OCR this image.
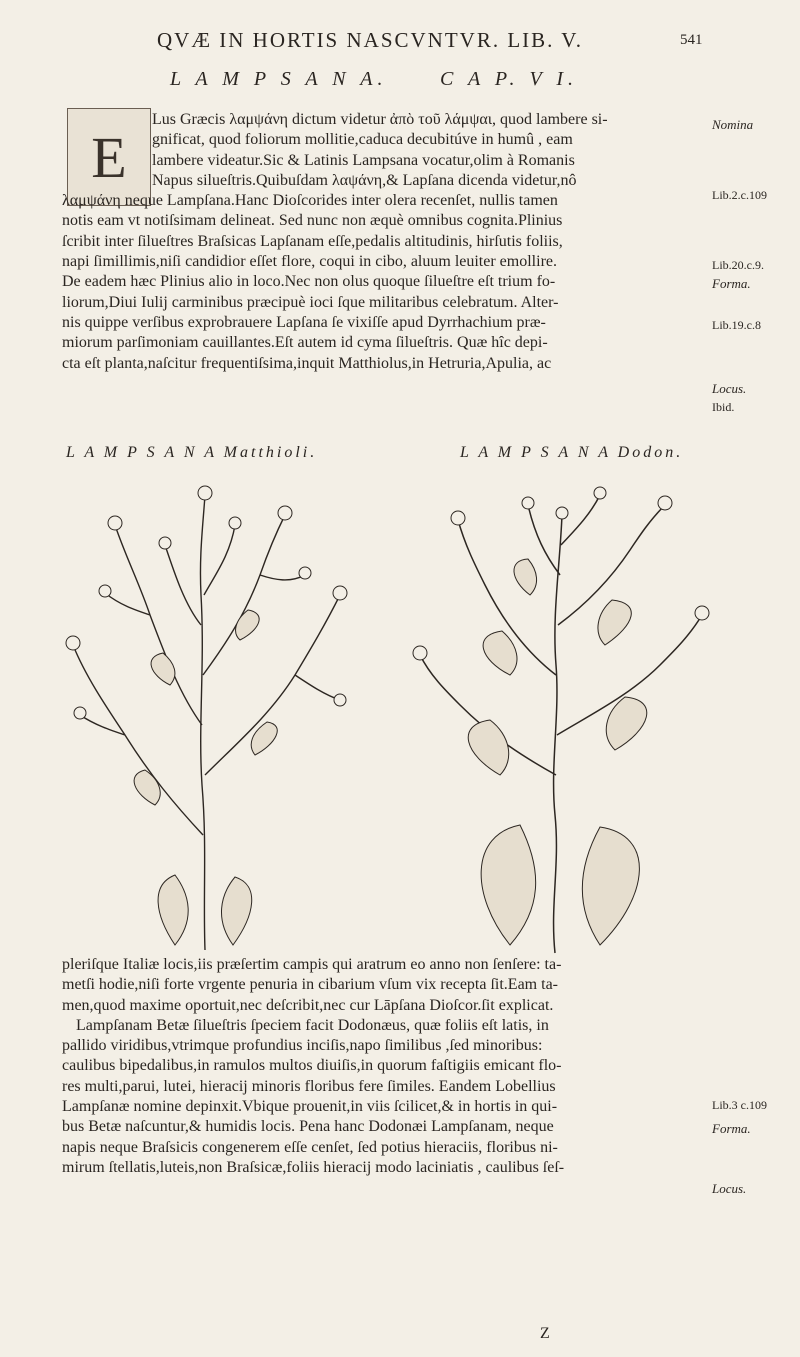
QVÆ IN HORTIS NASCVNTVR. LIB. V.	541
L A M P S A N A.	C A P. V I.
E
Lus Græcis λαμψάνη dictum videtur ἀπὸ τοῦ λάμψαι, quod lambere si-
gnificat, quod foliorum mollitie,caduca decubitúve in humû , eam
lambere videatur.Sic & Latinis Lampsana vocatur,olim à Romanis
Napus silueſtris.Quibuſdam λαψάνη,& Lapſana dicenda videtur,nô
λαμψάνη neque Lampſana.Hanc Dioſcorides inter olera recenſet, nullis tamen
notis eam vt notiſsimam delineat. Sed nunc non æquè omnibus cognita.Plinius
ſcribit inter ſilueſtres Braſsicas Lapſanam eſſe,pedalis altitudinis, hirſutis foliis,
napi ſimillimis,niſi candidior eſſet flore, coqui in cibo, aluum leuiter emollire.
De eadem hæc Plinius alio in loco.Nec non olus quoque ſilueſtre eſt trium fo-
liorum,Diui Iulij carminibus præcipuè ioci ſque militaribus celebratum. Alter-
nis quippe verſibus exprobrauere Lapſana ſe vixiſſe apud Dyrrhachium præ-
miorum parſimoniam cauillantes.Eſt autem id cyma ſilueſtris. Quæ hîc depi-
cta eſt planta,naſcitur frequentiſsima,inquit Matthiolus,in Hetruria,Apulia, ac
Nomina
Lib.2.c.109
Lib.20.c.9.
Forma.
Lib.19.c.8
Locus.
Ibid.
L A M P S A N A Matthioli.	L A M P S A N A Dodon.
pleriſque Italiæ locis,iis præſertim campis qui aratrum eo anno non ſenſere: ta-
metſi hodie,niſi forte vrgente penuria in cibarium vſum vix recepta ſit.Eam ta-
men,quod maxime oportuit,nec deſcribit,nec cur Lāpſana Dioſcor.ſit explicat.
Lampſanam Betæ ſilueſtris ſpeciem facit Dodonæus, quæ foliis eſt latis, in
pallido viridibus,vtrimque profundius inciſis,napo ſimilibus ,ſed minoribus:
caulibus bipedalibus,in ramulos multos diuiſis,in quorum faſtigiis emicant flo-
res multi,parui, lutei, hieracij minoris floribus fere ſimiles. Eandem Lobellius
Lampſanæ nomine depinxit.Vbique prouenit,in viis ſcilicet,& in hortis in qui-
bus Betæ naſcuntur,& humidis locis. Pena hanc Dodonæi Lampſanam, neque
napis neque Braſsicis congenerem eſſe cenſet, ſed potius hieraciis, floribus ni-
mirum ſtellatis,luteis,non Braſsicæ,foliis hieracij modo laciniatis , caulibus ſeſ-
Lib.3 c.109
Forma.
Locus.
Z
